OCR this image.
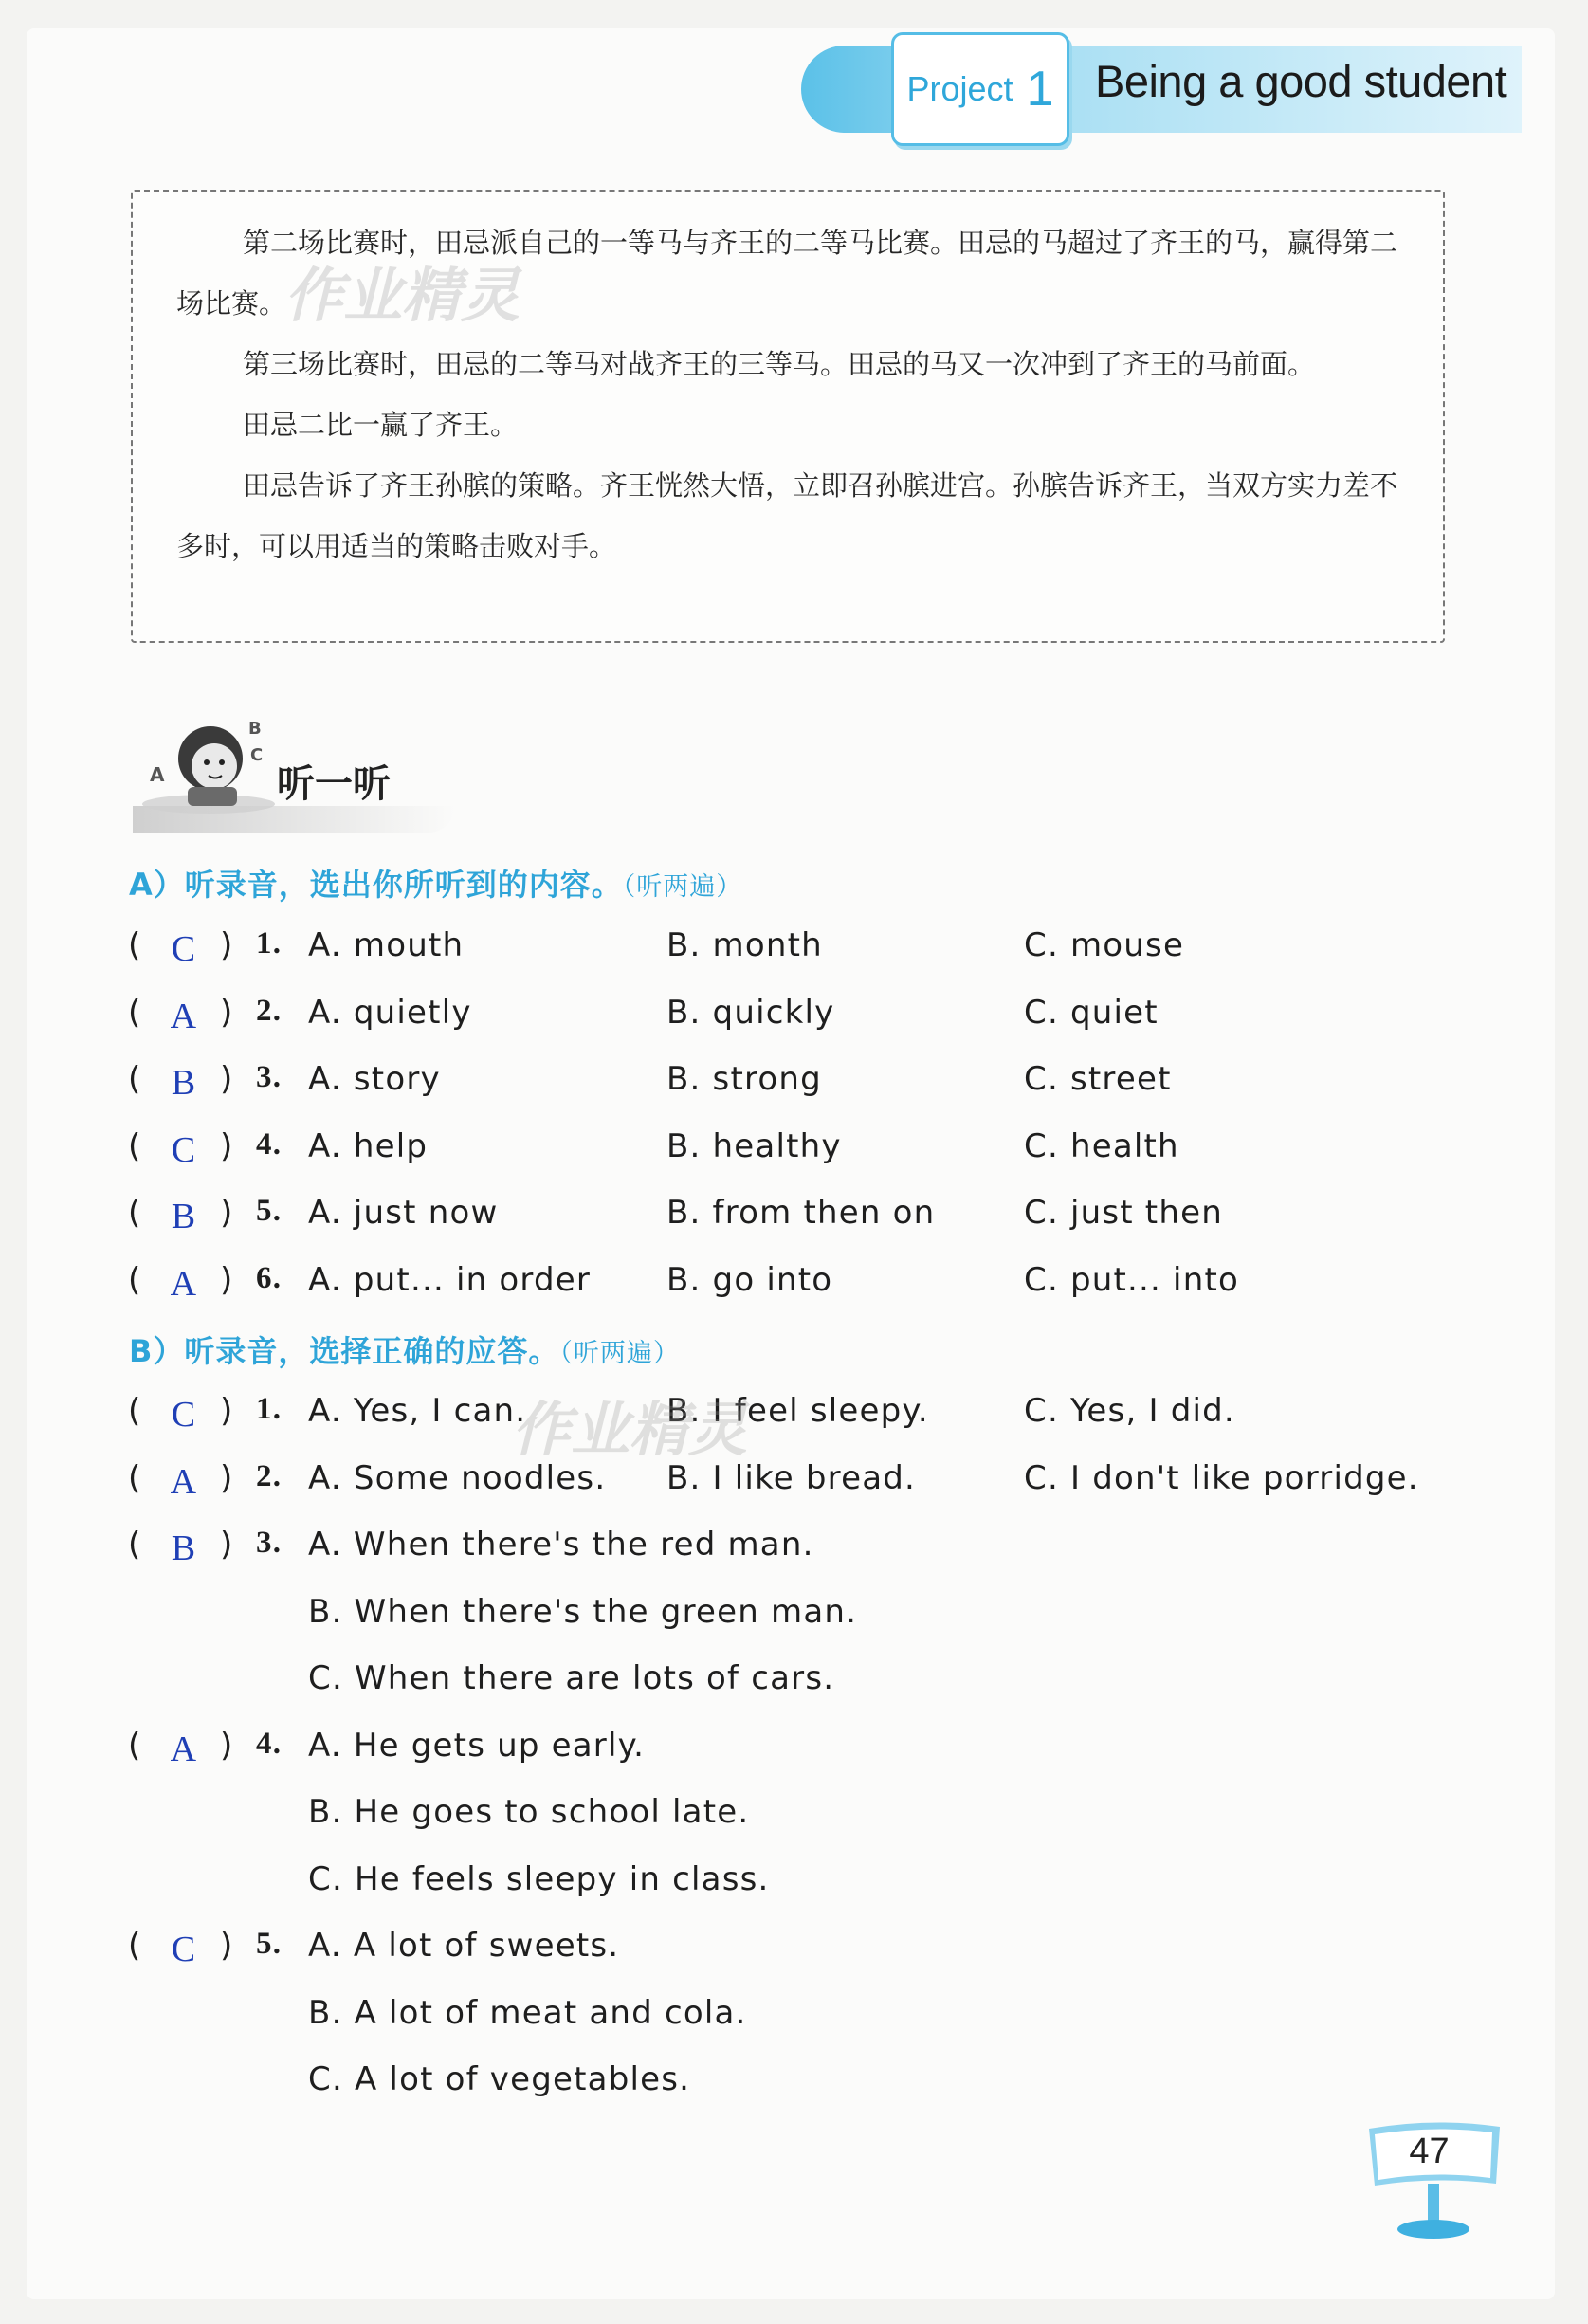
Project 1 Being a good student

第二场比赛时，田忌派自己的一等马与齐王的二等马比赛。田忌的马超过了齐王的马，赢得第二场比赛。

第三场比赛时，田忌的二等马对战齐王的三等马。田忌的马又一次冲到了齐王的马前面。

田忌二比一赢了齐王。

田忌告诉了齐王孙膑的策略。齐王恍然大悟，立即召孙膑进宫。孙膑告诉齐王，当双方实力差不多时，可以用适当的策略击败对手。

作业精灵
A
B
C
听一听
A）听录音，选出你所听到的内容。（听两遍）
( C ) 1. A. mouth	B. month	C. mouse
( A ) 2. A. quietly	B. quickly	C. quiet
( B ) 3. A. story	B. strong	C. street
( C ) 4. A. help	B. healthy	C. health
( B ) 5. A. just now	B. from then on	C. just then
( A ) 6. A. put... in order B. go into	C. put... into
B）听录音，选择正确的应答。（听两遍）
( C ) 1. A. Yes, I can.	B. I feel sleepy.	C. Yes, I did.
( A ) 2. A. Some noodles. B. I like bread.	C. I don't like porridge.
( B ) 3. A. When there's the red man.
B. When there's the green man.
C. When there are lots of cars.
( A ) 4. A. He gets up early.
B. He goes to school late.
C. He feels sleepy in class.
( C ) 5. A. A lot of sweets.
B. A lot of meat and cola.
C. A lot of vegetables.
作业精灵
47
